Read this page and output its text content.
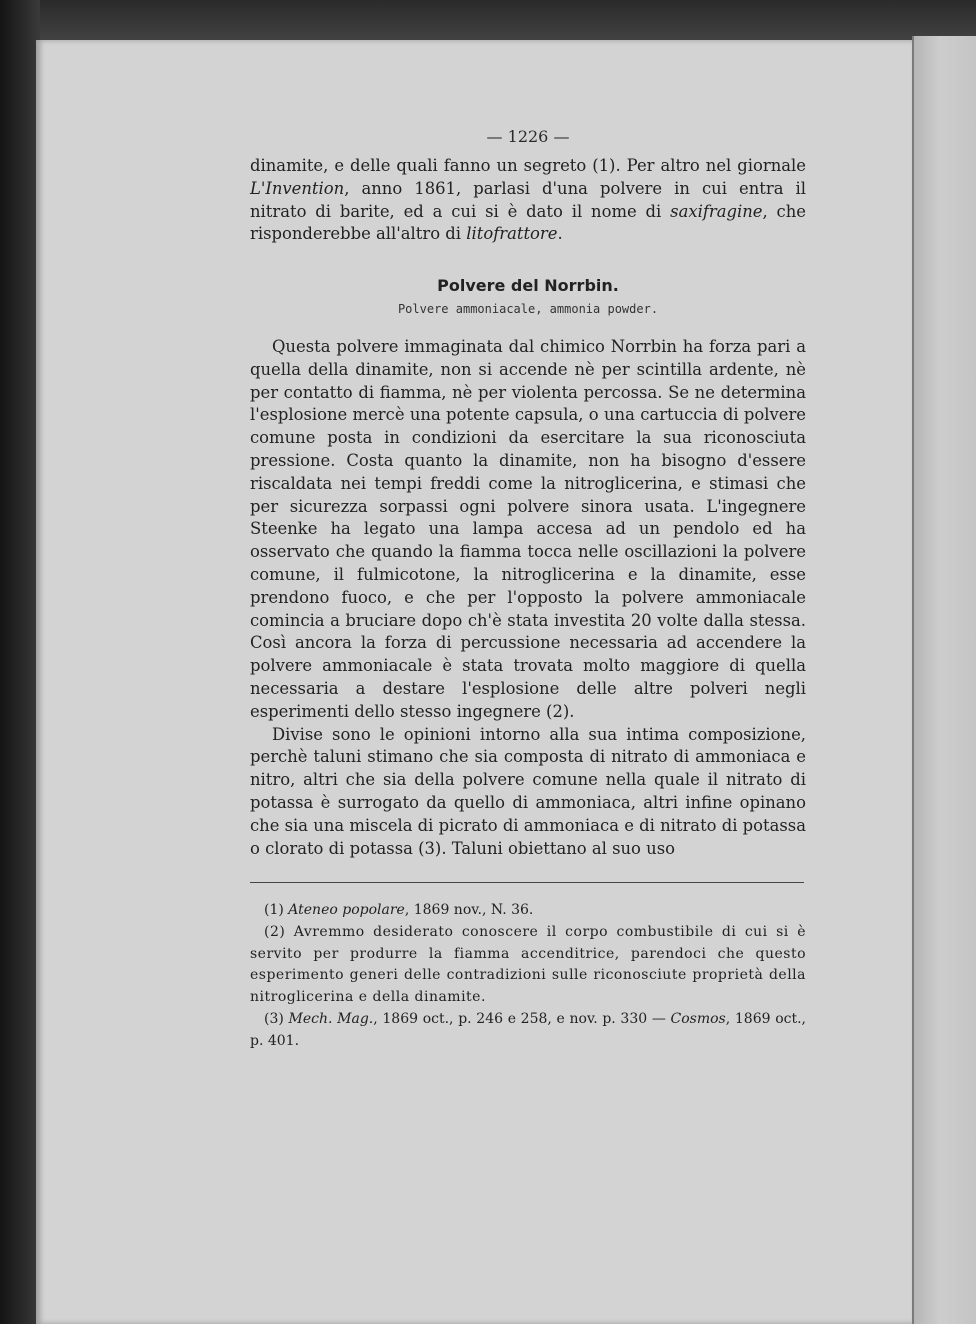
— 1226 —

dinamite, e delle quali fanno un segreto (1). Per altro nel giornale L'Invention, anno 1861, parlasi d'una polvere in cui entra il nitrato di barite, ed a cui si è dato il nome di saxifragine, che risponderebbe all'altro di litofrattore.

Polvere del Norrbin.
Polvere ammoniacale, ammonia powder.

Questa polvere immaginata dal chimico Norrbin ha forza pari a quella della dinamite, non si accende nè per scintilla ardente, nè per contatto di fiamma, nè per violenta percossa. Se ne determina l'esplosione mercè una potente capsula, o una cartuccia di polvere comune posta in condizioni da esercitare la sua riconosciuta pressione. Costa quanto la dinamite, non ha bisogno d'essere riscaldata nei tempi freddi come la nitroglicerina, e stimasi che per sicurezza sorpassi ogni polvere sinora usata. L'ingegnere Steenke ha legato una lampa accesa ad un pendolo ed ha osservato che quando la fiamma tocca nelle oscillazioni la polvere comune, il fulmicotone, la nitroglicerina e la dinamite, esse prendono fuoco, e che per l'opposto la polvere ammoniacale comincia a bruciare dopo ch'è stata investita 20 volte dalla stessa. Così ancora la forza di percussione necessaria ad accendere la polvere ammoniacale è stata trovata molto maggiore di quella necessaria a destare l'esplosione delle altre polveri negli esperimenti dello stesso ingegnere (2).

Divise sono le opinioni intorno alla sua intima composizione, perchè taluni stimano che sia composta di nitrato di ammoniaca e nitro, altri che sia della polvere comune nella quale il nitrato di potassa è surrogato da quello di ammoniaca, altri infine opinano che sia una miscela di picrato di ammoniaca e di nitrato di potassa o clorato di potassa (3). Taluni obiettano al suo uso

(1) Ateneo popolare, 1869 nov., N. 36.

(2) Avremmo desiderato conoscere il corpo combustibile di cui si è servito per produrre la fiamma accenditrice, parendoci che questo esperimento generi delle contradizioni sulle riconosciute proprietà della nitroglicerina e della dinamite.

(3) Mech. Mag., 1869 oct., p. 246 e 258, e nov. p. 330 — Cosmos, 1869 oct., p. 401.
